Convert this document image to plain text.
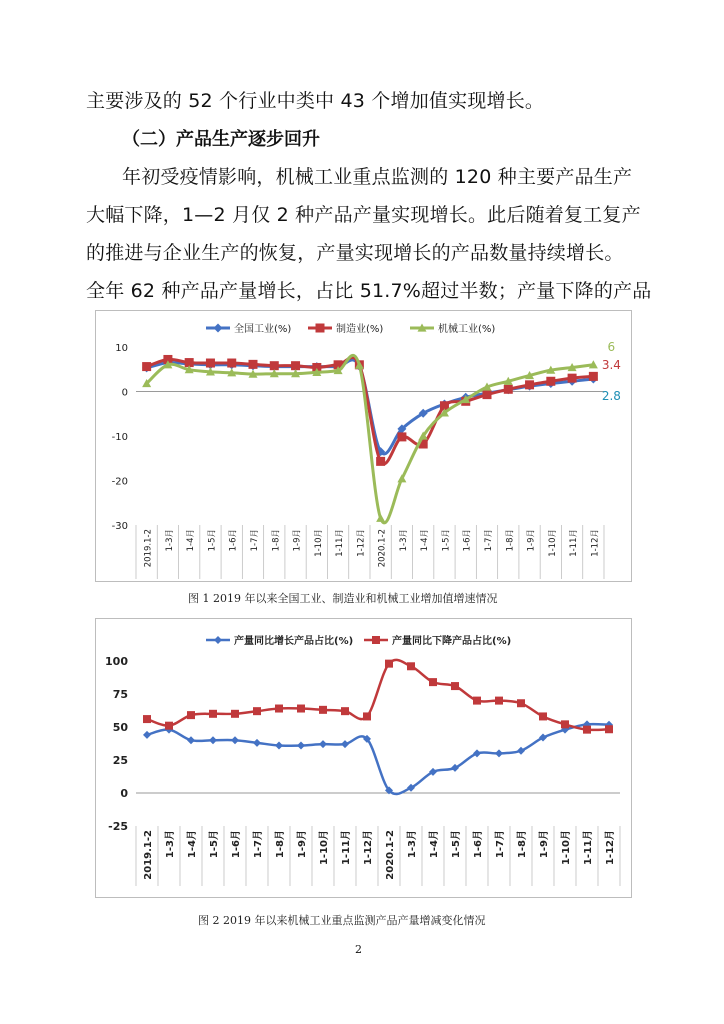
主要涉及的 52 个行业中类中 43 个增加值实现增长。
（二）产品生产逐步回升
年初受疫情影响，机械工业重点监测的 120 种主要产品生产
大幅下降，1—2 月仅 2 种产品产量实现增长。此后随着复工复产
的推进与企业生产的恢复，产量实现增长的产品数量持续增长。
全年 62 种产品产量增长，占比 51.7%超过半数；产量下降的产品
10
0
-10
-20
-30
2019.1-2 1-3月 1-4月 1-5月 1-6月 1-7月 1-8月 1-9月 1-10月 1-11月 1-12月 2020.1-2 1-3月 1-4月 1-5月 1-6月 1-7月 1-8月 1-9月 1-10月 1-11月 1-12月
全国工业(%)	制造业(%)	机械工业(%)
6
3.4
2.8
图 1 2019 年以来全国工业、制造业和机械工业增加值增速情况
100
75
50
25
0
-25
2019.1-2 1-3月 1-4月 1-5月 1-6月 1-7月 1-8月 1-9月 1-10月 1-11月 1-12月 2020.1-2 1-3月 1-4月 1-5月 1-6月 1-7月 1-8月 1-9月 1-10月 1-11月 1-12月
产量同比增长产品占比(%)	产量同比下降产品占比(%)
图 2 2019 年以来机械工业重点监测产品产量增减变化情况
2
